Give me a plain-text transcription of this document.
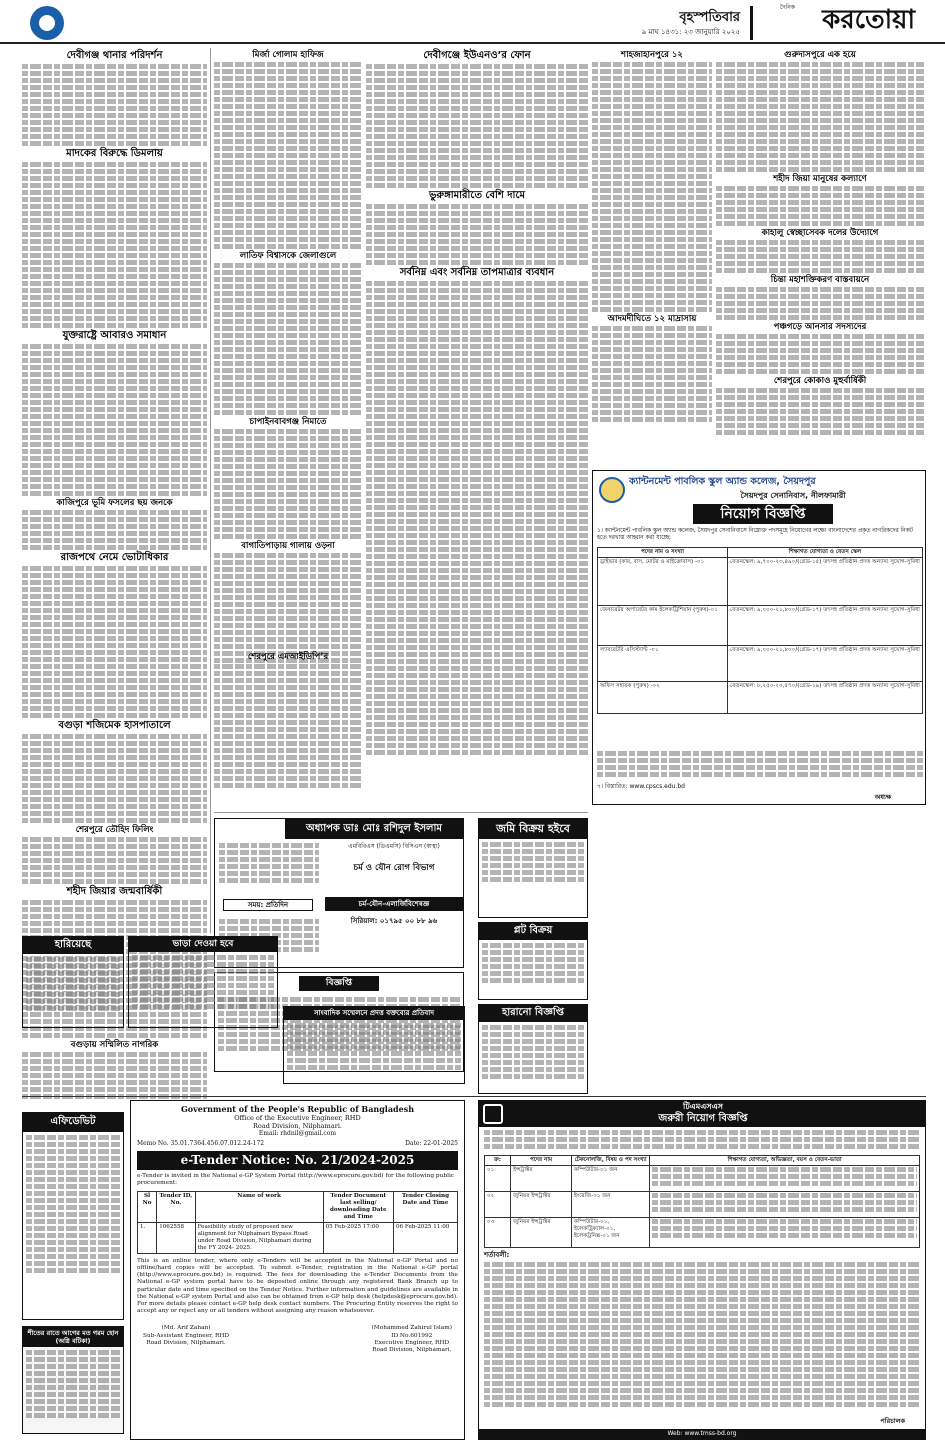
বৃহস্পতিবার
৯ মাঘ ১৪৩১: ২৩ জানুয়ারি ২০২৫
দৈনিক করতোয়া
দেবীগঞ্জ থানার পরিদর্শন
মাদকের বিরুদ্ধে ডিমলায়
যুক্তরাষ্ট্রে আবারও সমাধান
কাজিপুরে ভূমি ফসলের ছয় জনকে
রাজপথে নেমে ভোটাধিকার
বগুড়া শজিমেক হাসপাতালে
শেরপুরে তৌহিদ ফিলিং
শহীদ জিয়ার জন্মবার্ষিকী
বগুড়ায় সম্মিলিত নাগরিক
মির্জা গোলাম হাফিজ
লাতিফ বিশ্বাসকে জেলাগুলে
চাপাইনবাবগঞ্জ নিমাতে
বাগাতিপাড়ায় গালায় ওড়না
দেবীগঞ্জে ইউএনও’র ফোন
ভুরুঙ্গামারীতে বেশি দামে
সর্বনিম্ন এবং সর্বনিম্ন তাপমাত্রার ব্যবধান
শেরপুরে এমআইডিপি’র
শাহজাহানপুরে ১২
আদমদীঘিতে ১২ মাদ্রাসায়
গুরুদাসপুরে এক হয়ে
শহীদ জিয়া মানুষের কল্যাণে
কাহালু স্বেচ্ছাসেবক দলের উদ্যোগে
চিন্তা মহাশক্তিকরণ বাস্তবায়নে
পঞ্চগড়ে আনসার সদস্যদের
শেরপুরে কোকাও মুহুর্বার্ষিকী
ক্যান্টনমেন্ট পাবলিক স্কুল অ্যান্ড কলেজ, সৈয়দপুর
সৈয়দপুর সেনানিবাস, নীলফামারী
নিয়োগ বিজ্ঞপ্তি
১। ক্যান্টনমেন্ট পাবলিক স্কুল অ্যান্ড কলেজ, সৈয়দপুর সেনানিবাসে নিম্নোক্ত পদসমূহে নিয়োগের লক্ষ্যে বাংলাদেশের প্রকৃত নাগরিকদের নিকট হতে দরখাস্ত আহ্বান করা যাচ্ছে:
পদের নাম ও সংখ্যা	শিক্ষাগত যোগ্যতা ও বেতন স্কেল
ড্রাইভার (কার, বাস, মোটর ও মাইক্রোবাস) -০১	বেতনস্কেল: ৯,৭০০-২৩,৪৯০/(গ্রেড-১৫) তৎসহ প্রতিষ্ঠান প্রদত্ত অন্যান্য সুযোগ-সুবিধা
জেনারেটর অপারেটর কাম ইলেকট্রিশিয়ান (পুরুষ)-০১	বেতনস্কেল: ৯,০০০-২১,৮০০/(গ্রেড-১৭) তৎসহ প্রতিষ্ঠান প্রদত্ত অন্যান্য সুযোগ-সুবিধা
ল্যাবরেটরি এসিস্ট্যান্ট -০১	বেতনস্কেল: ৯,০০০-২১,৮০০/(গ্রেড-১৭) তৎসহ প্রতিষ্ঠান প্রদত্ত অন্যান্য সুযোগ-সুবিধা
অফিস সহায়ক (পুরুষ) -০২	বেতনস্কেল: ৮,২৫০-২০,৫৭০/(গ্রেড-১৯) তৎসহ প্রতিষ্ঠান প্রদত্ত অন্যান্য সুযোগ-সুবিধা
৭। বিস্তারিত: www.cpscs.edu.bd
অধ্যক্ষ
অধ্যাপক ডাঃ মোঃ রশিদুল ইসলাম
এমবিবিএস (ডিএমসি) বিসিএস (স্বাস্থ্য)
চর্ম ও যৌন রোগ বিভাগ
সময়: প্রতিদিন	চর্ম-যৌন-এলার্জিবিশেষজ্ঞ
সিরিয়াল: ০১৭৯৫ ০০ ৮৮ ৯৬
জমি বিক্রয় হইবে
প্লট বিক্রয়
হারানো বিজ্ঞপ্তি
বিজ্ঞপ্তি
সাংবাদিক সম্মেলনে প্রদত্ত বক্তব্যের প্রতিবাদ
হারিয়েছে	ভাড়া দেওয়া হবে
এফিডেভিট
শীতের রাতে আগের মত গরম হোন (অগ্নি বটিকা)
Government of the People's Republic of Bangladesh
Office of the Executive Engineer, RHD
Road Division, Nilphamari.
Email: rhdnil@gmail.com
Memo No. 35.01.7364.456.07.012.24-172	Date: 22-01-2025
e-Tender Notice: No. 21/2024-2025
e-Tender is invited in the National e-GP System Portal (http://www.eprocure.gov.bd) for the following public procurement:
Sl No	Tender ID, No.	Name of work	Tender Document last selling/ downloading Date and Time	Tender Closing Date and Time
1.	1062558	Feasibility study of proposed new alignment for Nilphamari Bypass Road under Road Division, Nilphamari during the FY 2024- 2025.	05 Feb-2025 17:00	06 Feb-2025 11:00
This is an online tender, where only e-Tenders will be accepted in the National e-GP Portal and no offline/hard copies will be accepted. To submit e-Tender, registration in the National e-GP portal (http://www.eprocure.gov.bd) is required. The fees for downloading the e-Tender Documents from the National e-GP system portal have to be deposited online through any registered Bank Branch up to particular date and time specified on the Tender Notice. Further information and guidelines are available in the National e-GP system Portal and also can be obtained from e-GP help desk (helpdesk@eprocure.gov.bd). For more details please contact e-GP help desk contact numbers. The Procuring Entity reserves the right to accept any or reject any or all tenders without assigning any reason whatsoever.
(Md. Arif Zahan)
Sub-Assistant Engineer, RHD
Road Division, Nilphamari.
(Mohammed Zahirul Islam)
ID No.601992
Executive Engineer, RHD
Road Division, Nilphamari.
টিএমএসএস
জরুরী নিয়োগ বিজ্ঞপ্তি
ক্র:	পদের নাম	টেকনোলজি, বিষয় ও পদ সংখ্যা	শিক্ষাগত যোগ্যতা, অভিজ্ঞতা, বয়স ও বেতন-ভাতা
০১	ইন্সট্রাক্টর	কম্পিউটার-০১ জন	

০২	জুনিয়র ইন্সট্রাক্টর	ইংরেজি-০১ জন	

০৩	জুনিয়র ইন্সট্রাক্টর	কম্পিউটার-০১, ইলেকট্রিক্যাল-০১, ইলেকট্রনিক্স-০১ জন	
শর্তাবলী:
পরিচালক
Web: www.tmss-bd.org
